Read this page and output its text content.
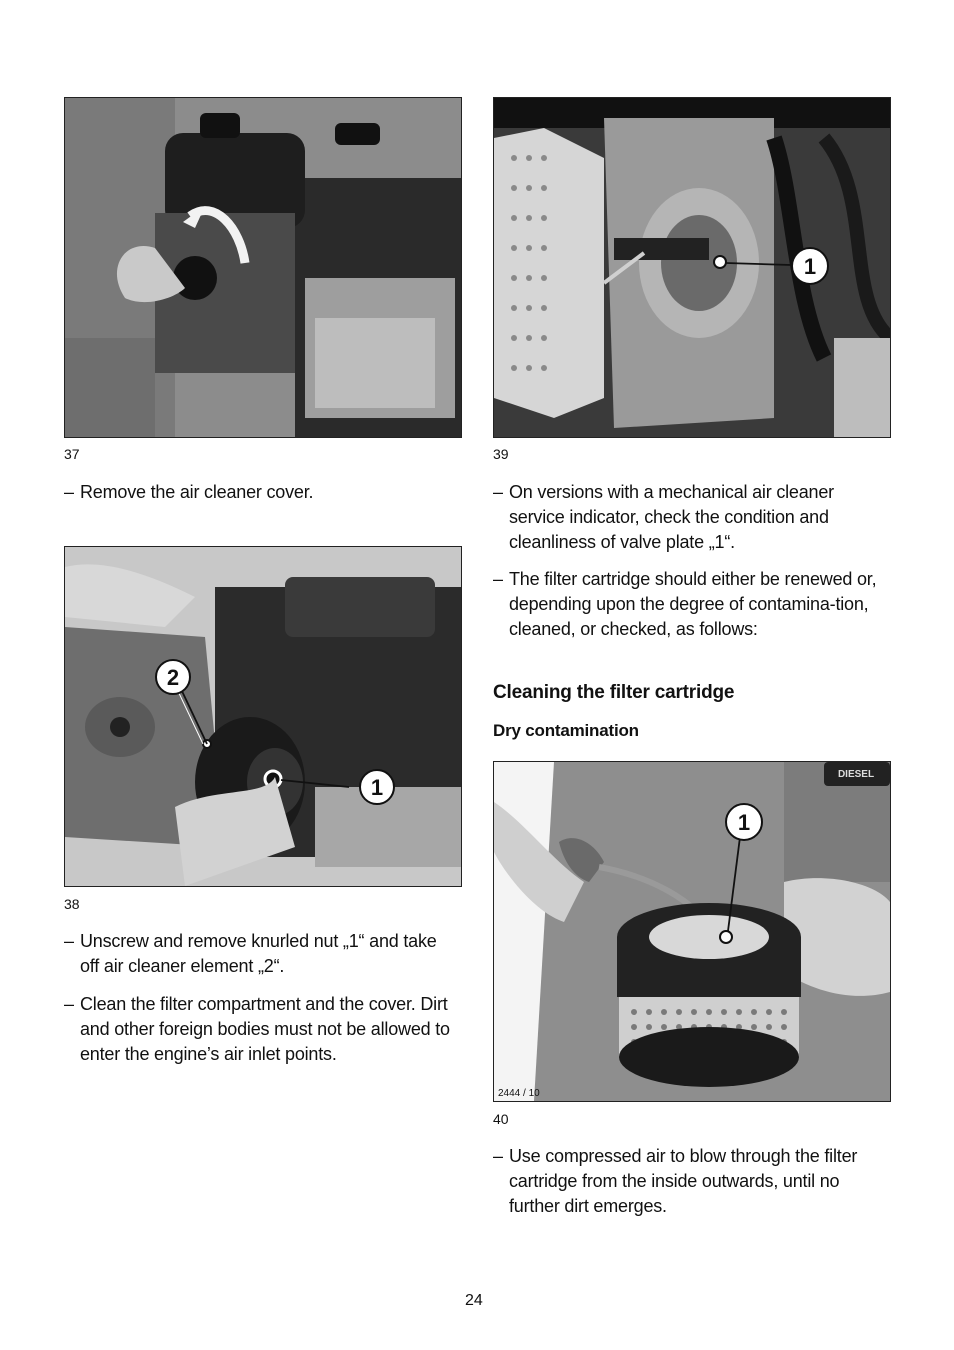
37
– Remove the air cleaner cover.
2
1
38
– Unscrew and remove knurled nut „1“ and take off air cleaner element „2“.
– Clean the filter compartment and the cover. Dirt and other foreign bodies must not be allowed to enter the engine’s air inlet points.
1
39
– On versions with a mechanical air cleaner service indicator, check the condition and cleanliness of valve plate „1“.
– The filter cartridge should either be renewed or, depending upon the degree of contamina-tion, cleaned, or checked, as follows:
Cleaning the filter cartridge
Dry contamination
DIESEL
1
2444 / 10
40
– Use compressed air to blow through the filter cartridge from the inside outwards, until no further dirt emerges.
24
